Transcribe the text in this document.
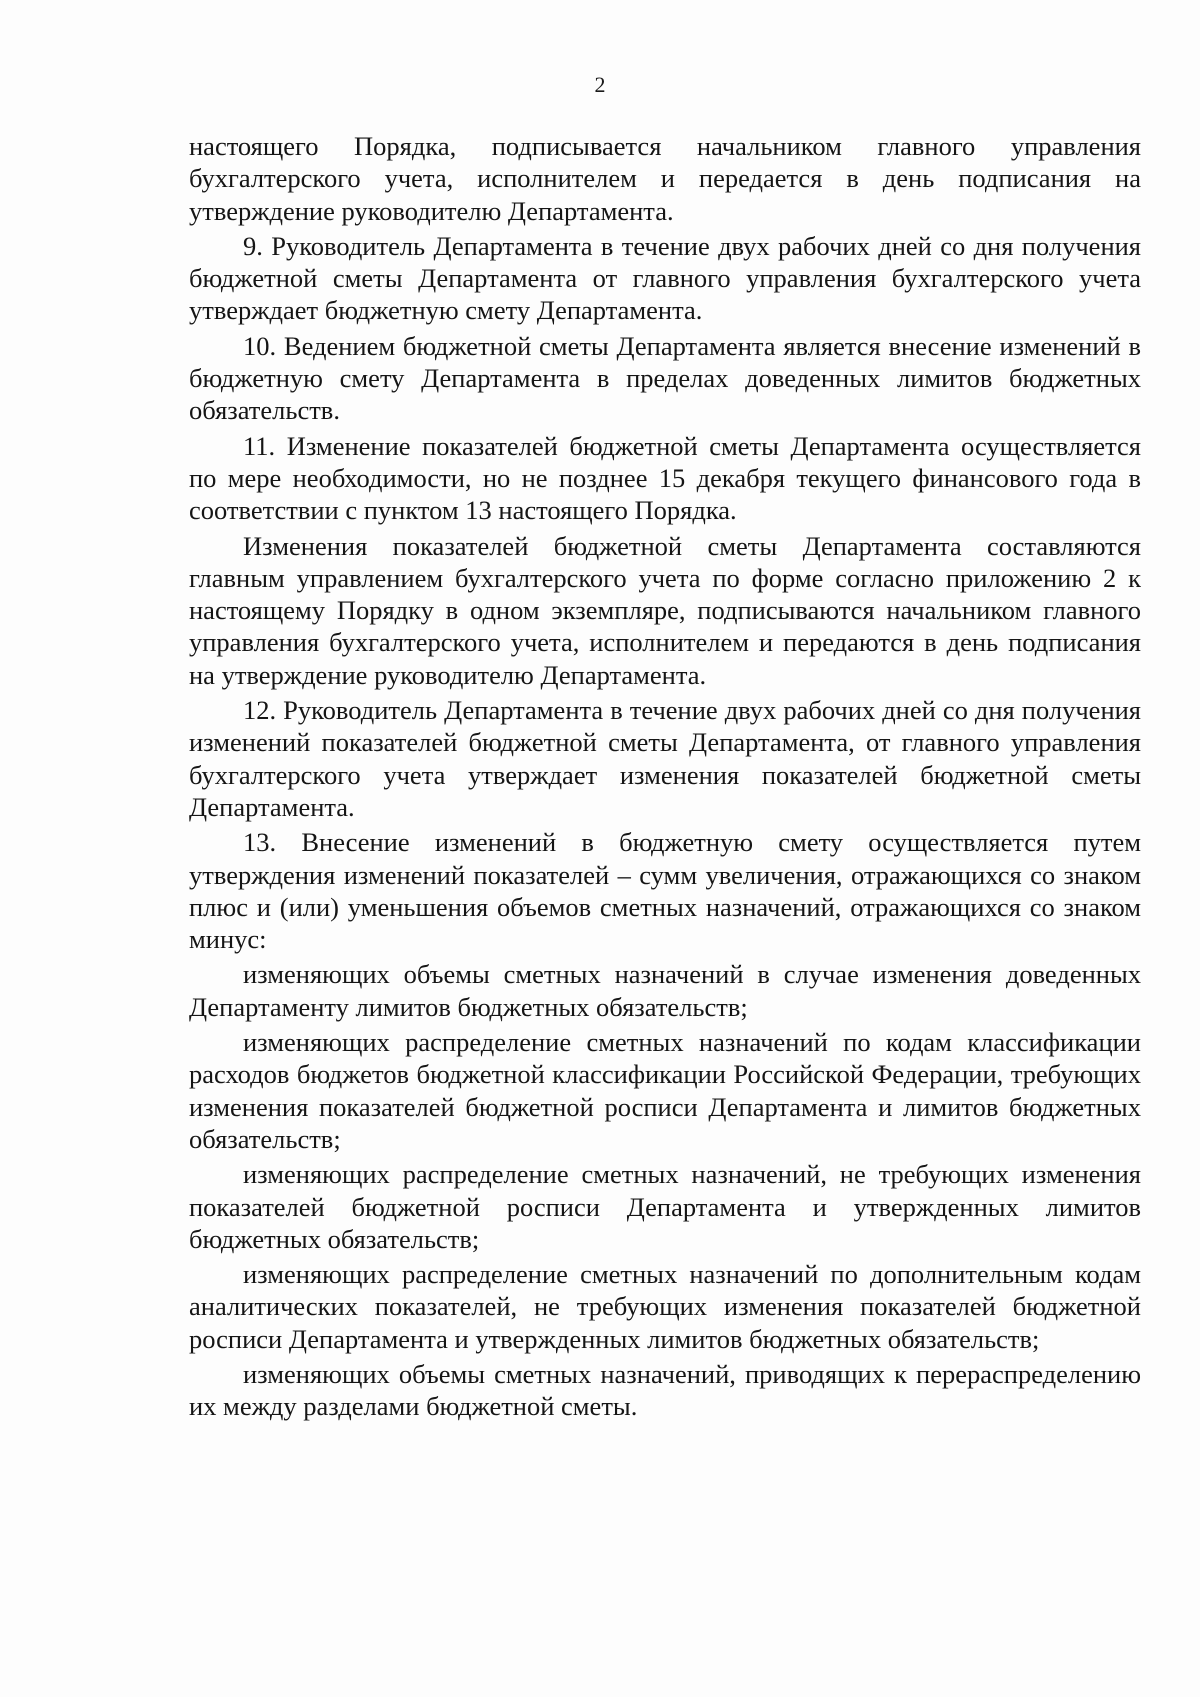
2

настоящего Порядка, подписывается начальником главного управления бухгалтерского учета, исполнителем и передается в день подписания на утверждение руководителю Департамента.

9. Руководитель Департамента в течение двух рабочих дней со дня получения бюджетной сметы Департамента от главного управления бухгалтерского учета утверждает бюджетную смету Департамента.

10. Ведением бюджетной сметы Департамента является внесение изменений в бюджетную смету Департамента в пределах доведенных лимитов бюджетных обязательств.

11. Изменение показателей бюджетной сметы Департамента осуществляется по мере необходимости, но не позднее 15 декабря текущего финансового года в соответствии с пунктом 13 настоящего Порядка.

Изменения показателей бюджетной сметы Департамента составляются главным управлением бухгалтерского учета по форме согласно приложению 2 к настоящему Порядку в одном экземпляре, подписываются начальником главного управления бухгалтерского учета, исполнителем и передаются в день подписания на утверждение руководителю Департамента.

12. Руководитель Департамента в течение двух рабочих дней со дня получения изменений показателей бюджетной сметы Департамента, от главного управления бухгалтерского учета утверждает изменения показателей бюджетной сметы Департамента.

13. Внесение изменений в бюджетную смету осуществляется путем утверждения изменений показателей – сумм увеличения, отражающихся со знаком плюс и (или) уменьшения объемов сметных назначений, отражающихся со знаком минус:

изменяющих объемы сметных назначений в случае изменения доведенных Департаменту лимитов бюджетных обязательств;

изменяющих распределение сметных назначений по кодам классификации расходов бюджетов бюджетной классификации Российской Федерации, требующих изменения показателей бюджетной росписи Департамента и лимитов бюджетных обязательств;

изменяющих распределение сметных назначений, не требующих изменения показателей бюджетной росписи Департамента и утвержденных лимитов бюджетных обязательств;

изменяющих распределение сметных назначений по дополнительным кодам аналитических показателей, не требующих изменения показателей бюджетной росписи Департамента и утвержденных лимитов бюджетных обязательств;

изменяющих объемы сметных назначений, приводящих к перераспределению их между разделами бюджетной сметы.
